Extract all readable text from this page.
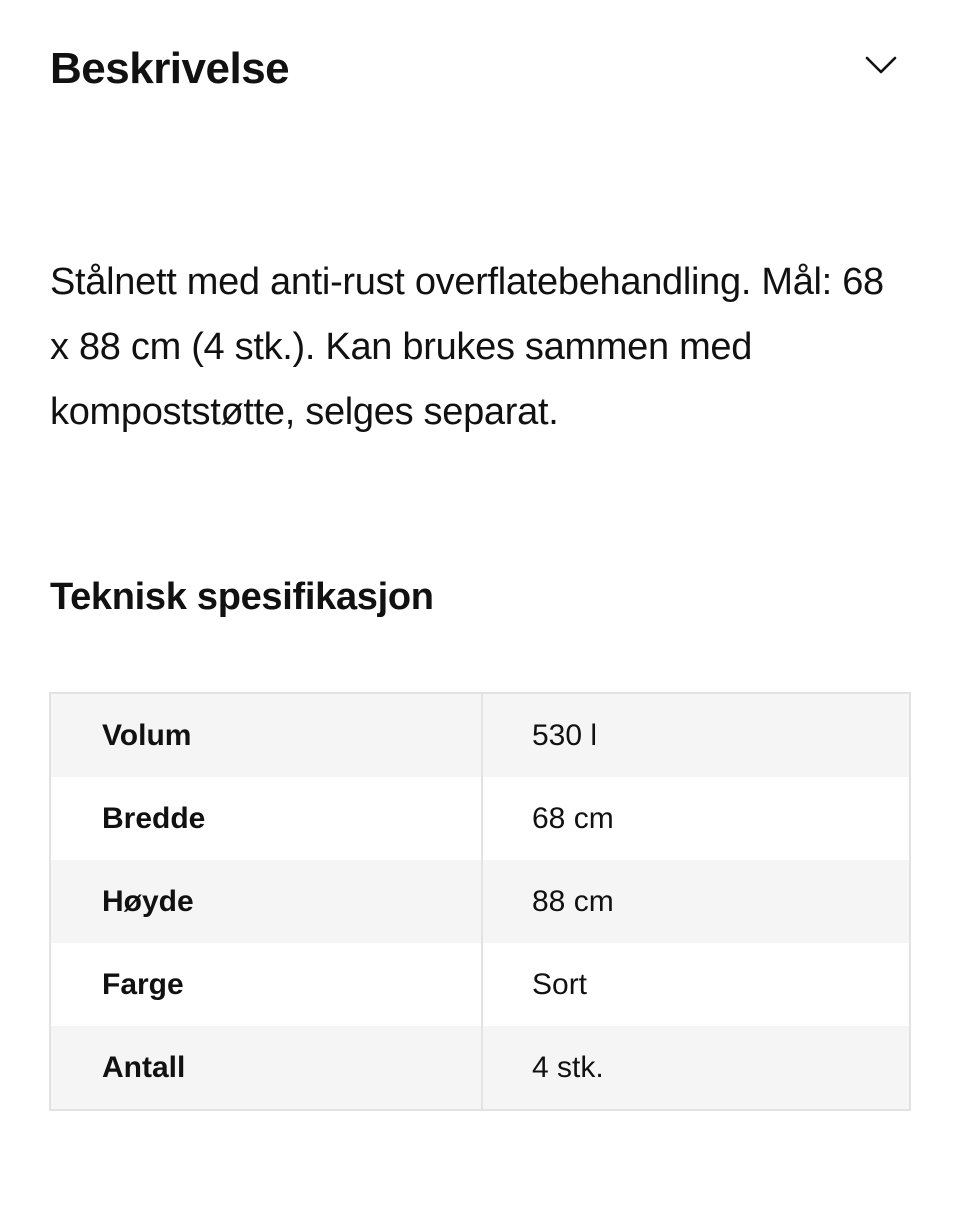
Beskrivelse

Stålnett med anti-rust overflatebehandling. Mål: 68 x 88 cm (4 stk.). Kan brukes sammen med kompoststøtte, selges separat.

Teknisk spesifikasjon
Volum	530 l
Bredde	68 cm
Høyde	88 cm
Farge	Sort
Antall	4 stk.
